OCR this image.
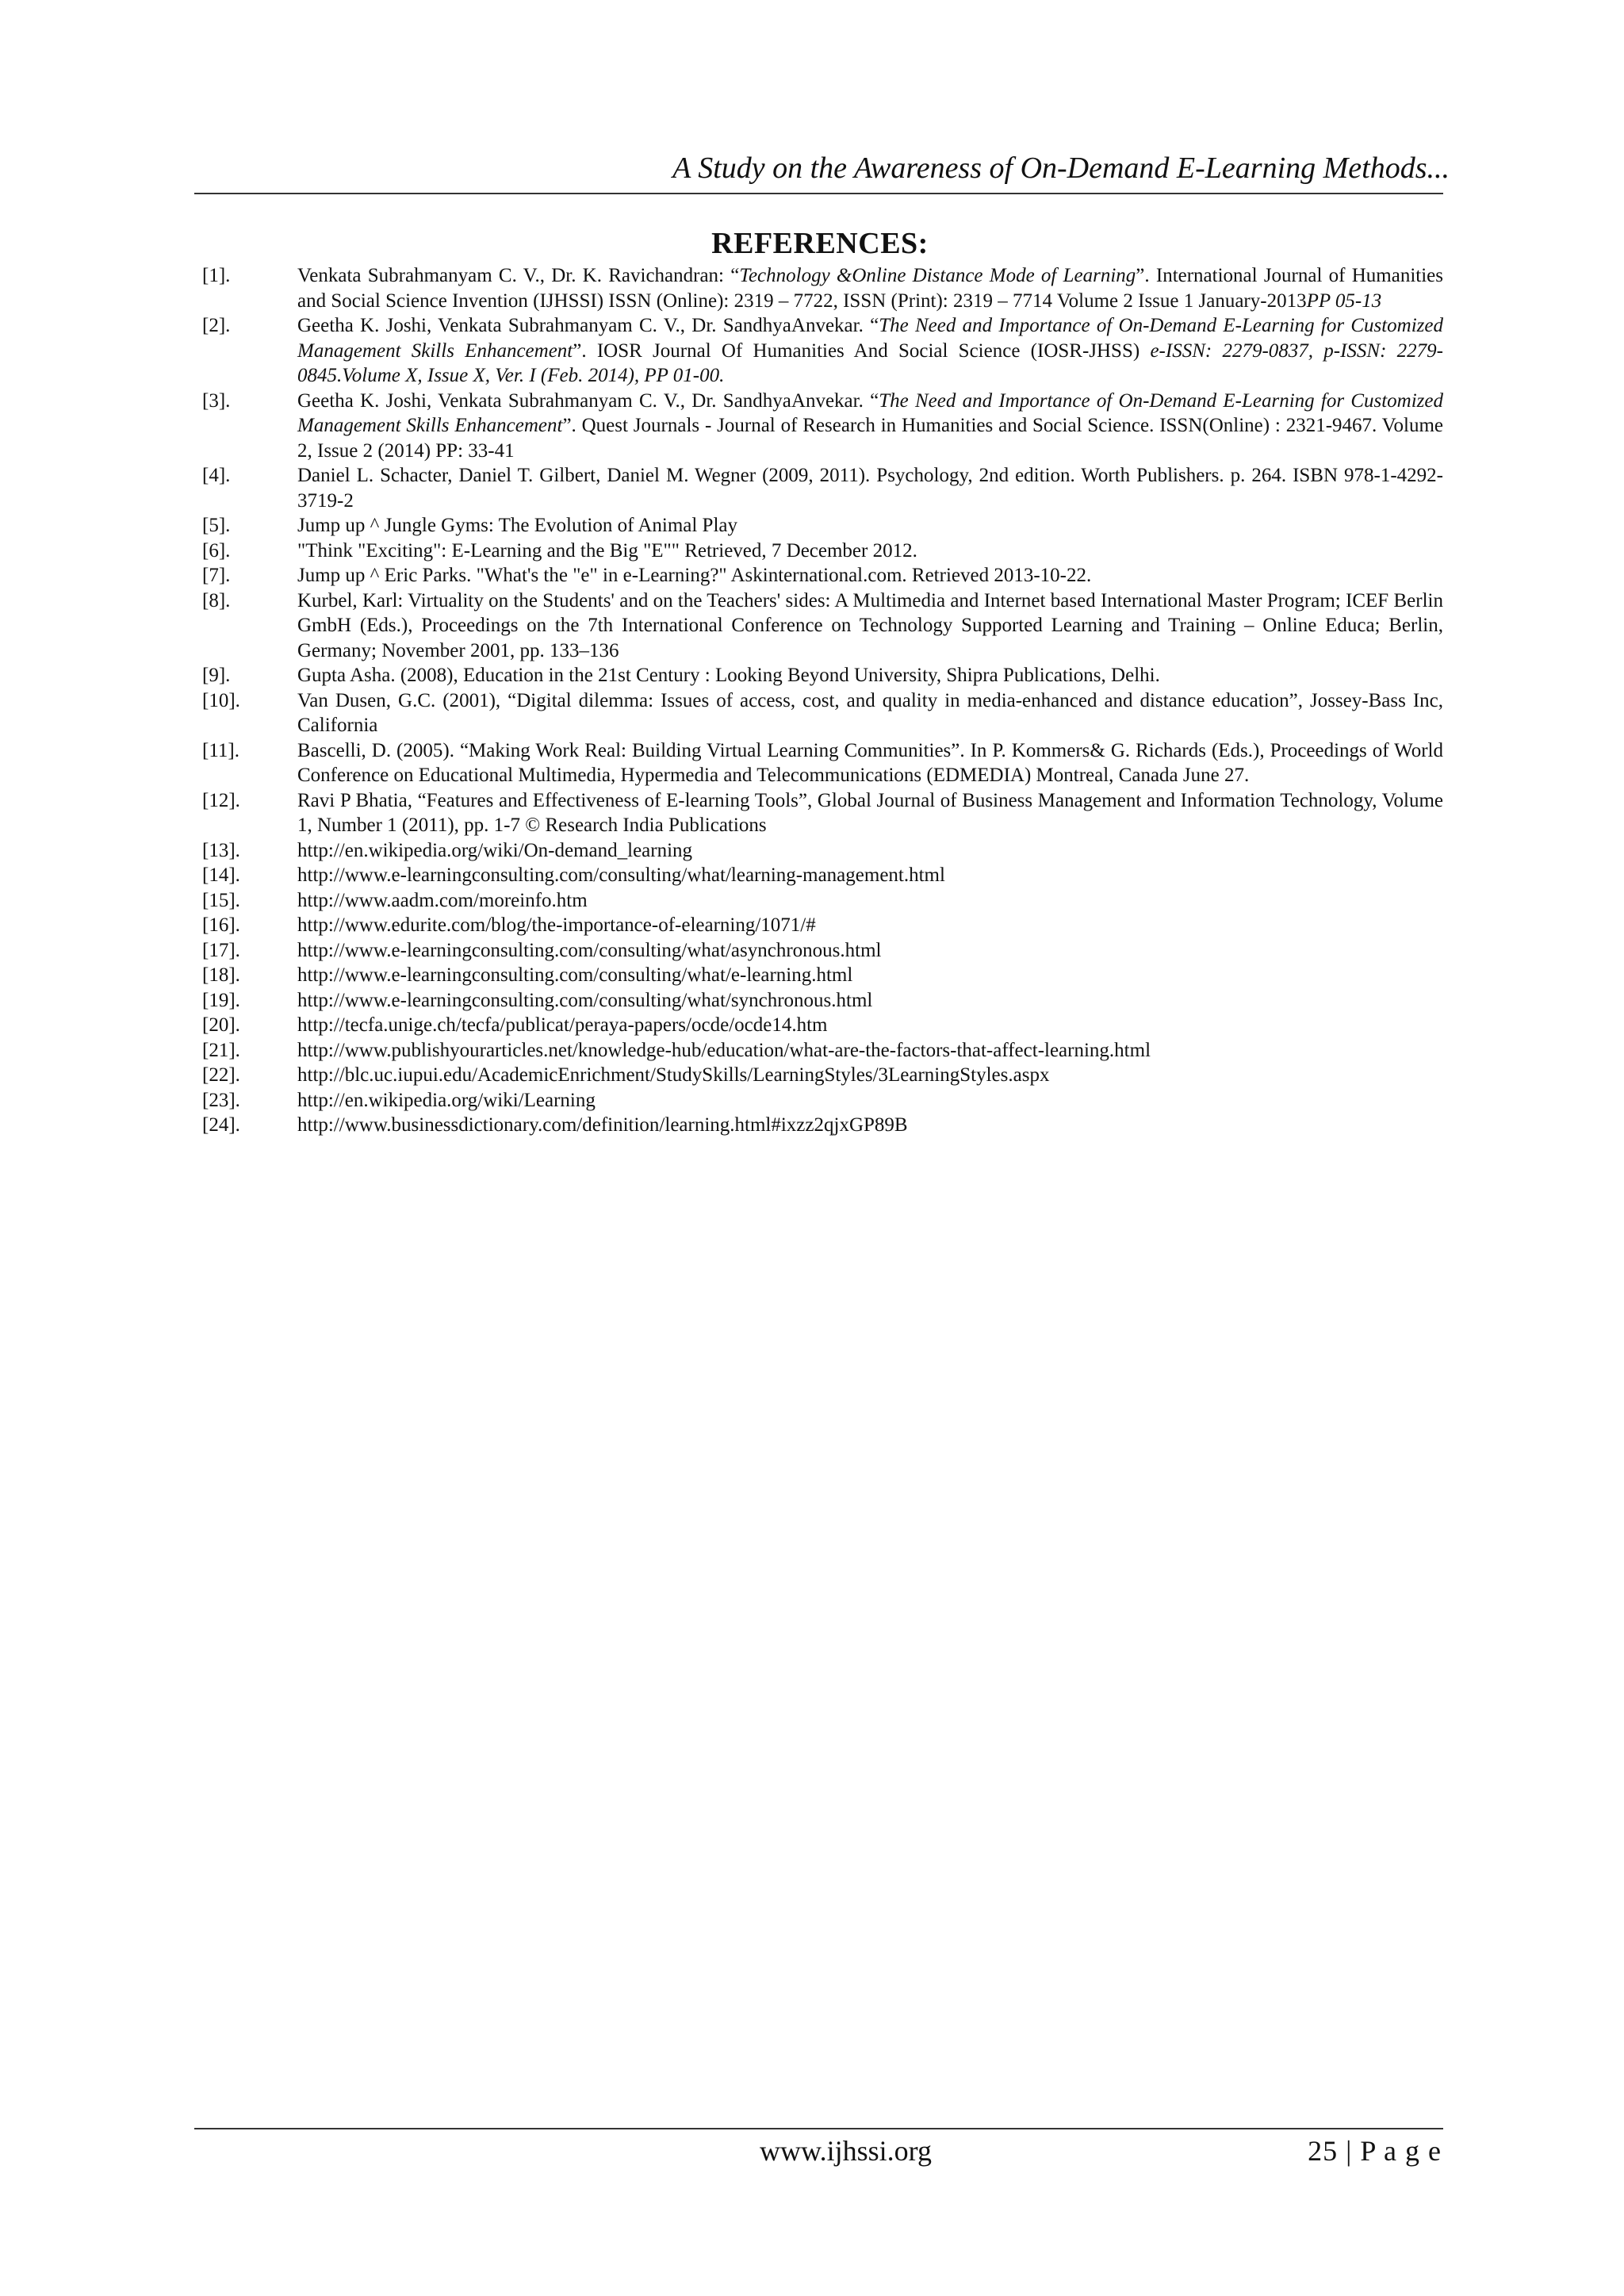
A Study on the Awareness of On-Demand E-Learning Methods...
REFERENCES:
[1].	Venkata Subrahmanyam C. V., Dr. K. Ravichandran: “Technology &Online Distance Mode of Learning”. International Journal of Humanities and Social Science Invention (IJHSSI) ISSN (Online): 2319 – 7722, ISSN (Print): 2319 – 7714 Volume 2 Issue 1 January-2013PP 05-13
[2].	Geetha K. Joshi, Venkata Subrahmanyam C. V., Dr. SandhyaAnvekar. “The Need and Importance of On-Demand E-Learning for Customized Management Skills Enhancement”. IOSR Journal Of Humanities And Social Science (IOSR-JHSS) e-ISSN: 2279-0837, p-ISSN: 2279-0845.Volume X, Issue X, Ver. I (Feb. 2014), PP 01-00.
[3].	Geetha K. Joshi, Venkata Subrahmanyam C. V., Dr. SandhyaAnvekar. “The Need and Importance of On-Demand E-Learning for Customized Management Skills Enhancement”. Quest Journals - Journal of Research in Humanities and Social Science. ISSN(Online) : 2321-9467. Volume 2, Issue 2 (2014) PP: 33-41
[4].	Daniel L. Schacter, Daniel T. Gilbert, Daniel M. Wegner (2009, 2011). Psychology, 2nd edition. Worth Publishers. p. 264. ISBN 978-1-4292-3719-2
[5].	Jump up ^ Jungle Gyms: The Evolution of Animal Play
[6].	"Think "Exciting": E-Learning and the Big "E"" Retrieved, 7 December 2012.
[7].	Jump up ^ Eric Parks. "What's the "e" in e-Learning?" Askinternational.com. Retrieved 2013-10-22.
[8].	Kurbel, Karl: Virtuality on the Students' and on the Teachers' sides: A Multimedia and Internet based International Master Program; ICEF Berlin GmbH (Eds.), Proceedings on the 7th International Conference on Technology Supported Learning and Training – Online Educa; Berlin, Germany; November 2001, pp. 133–136
[9].	Gupta Asha. (2008), Education in the 21st Century : Looking Beyond University, Shipra Publications, Delhi.
[10].	Van Dusen, G.C. (2001), “Digital dilemma: Issues of access, cost, and quality in media-enhanced and distance education”, Jossey-Bass Inc, California
[11].	Bascelli, D. (2005). “Making Work Real: Building Virtual Learning Communities”. In P. Kommers& G. Richards (Eds.), Proceedings of World Conference on Educational Multimedia, Hypermedia and Telecommunications (EDMEDIA) Montreal, Canada June 27.
[12].	Ravi P Bhatia, “Features and Effectiveness of E-learning Tools”, Global Journal of Business Management and Information Technology, Volume 1, Number 1 (2011), pp. 1-7 © Research India Publications
[13].	http://en.wikipedia.org/wiki/On-demand_learning
[14].	http://www.e-learningconsulting.com/consulting/what/learning-management.html
[15].	http://www.aadm.com/moreinfo.htm
[16].	http://www.edurite.com/blog/the-importance-of-elearning/1071/#
[17].	http://www.e-learningconsulting.com/consulting/what/asynchronous.html
[18].	http://www.e-learningconsulting.com/consulting/what/e-learning.html
[19].	http://www.e-learningconsulting.com/consulting/what/synchronous.html
[20].	http://tecfa.unige.ch/tecfa/publicat/peraya-papers/ocde/ocde14.htm
[21].	http://www.publishyourarticles.net/knowledge-hub/education/what-are-the-factors-that-affect-learning.html
[22].	http://blc.uc.iupui.edu/AcademicEnrichment/StudySkills/LearningStyles/3LearningStyles.aspx
[23].	http://en.wikipedia.org/wiki/Learning
[24].	http://www.businessdictionary.com/definition/learning.html#ixzz2qjxGP89B
www.ijhssi.org	25 | P a g e
